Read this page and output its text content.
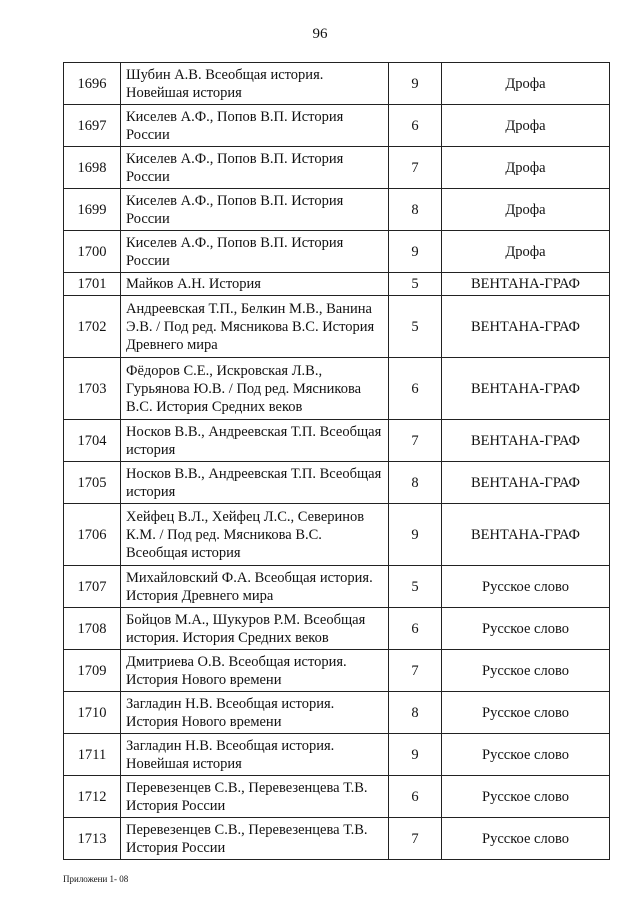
96
1696	Шубин А.В. Всеобщая история. Новейшая история	9	Дрофа
1697	Киселев А.Ф., Попов В.П. История России	6	Дрофа
1698	Киселев А.Ф., Попов В.П. История России	7	Дрофа
1699	Киселев А.Ф., Попов В.П. История России	8	Дрофа
1700	Киселев А.Ф., Попов В.П. История России	9	Дрофа
1701	Майков А.Н. История	5	ВЕНТАНА-ГРАФ
1702	Андреевская Т.П., Белкин М.В., Ванина Э.В. / Под ред. Мясникова В.С. История Древнего мира	5	ВЕНТАНА-ГРАФ
1703	Фёдоров С.Е., Искровская Л.В., Гурьянова Ю.В. / Под ред. Мясникова В.С. История Средних веков	6	ВЕНТАНА-ГРАФ
1704	Носков В.В., Андреевская Т.П. Всеобщая история	7	ВЕНТАНА-ГРАФ
1705	Носков В.В., Андреевская Т.П. Всеобщая история	8	ВЕНТАНА-ГРАФ
1706	Хейфец В.Л., Хейфец Л.С., Северинов К.М. / Под ред. Мясникова В.С. Всеобщая история	9	ВЕНТАНА-ГРАФ
1707	Михайловский Ф.А. Всеобщая история. История Древнего мира	5	Русское слово
1708	Бойцов М.А., Шукуров Р.М. Всеобщая история. История Средних веков	6	Русское слово
1709	Дмитриева О.В. Всеобщая история. История Нового времени	7	Русское слово
1710	Загладин Н.В. Всеобщая история. История Нового времени	8	Русское слово
1711	Загладин Н.В. Всеобщая история. Новейшая история	9	Русское слово
1712	Перевезенцев С.В., Перевезенцева Т.В. История России	6	Русское слово
1713	Перевезенцев С.В., Перевезенцева Т.В. История России	7	Русское слово
Приложени 1- 08
